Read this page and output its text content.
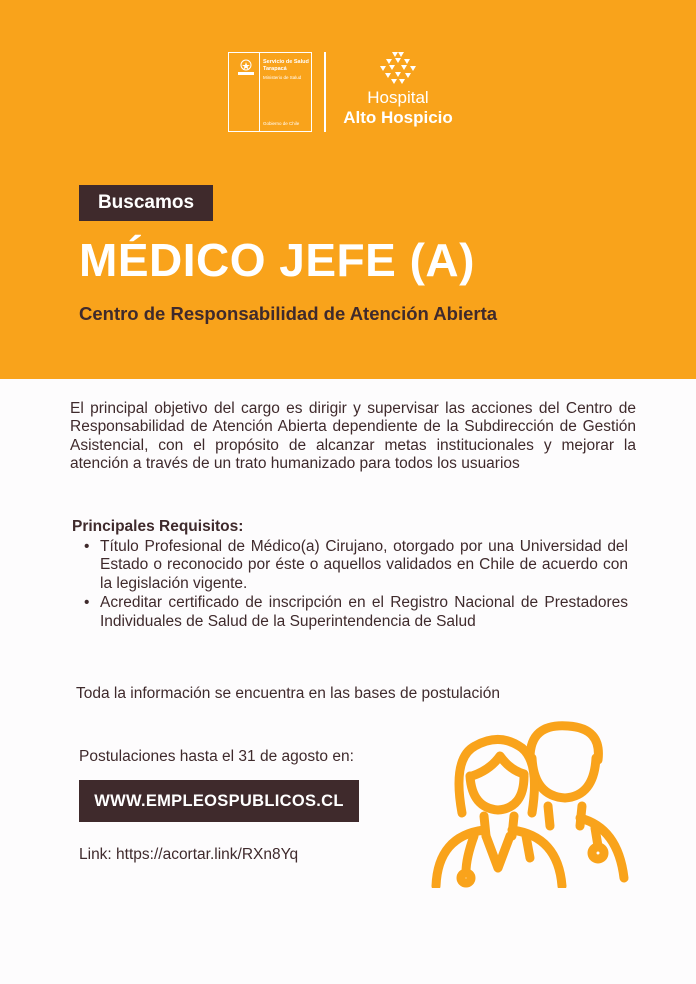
Servicio de Salud Tarapacá
Ministerio de Salud
Gobierno de Chile
Hospital
Alto Hospicio
Buscamos
MÉDICO JEFE (A)
Centro de Responsabilidad de Atención Abierta
El principal objetivo del cargo es dirigir y supervisar las acciones del Centro de Responsabilidad de Atención Abierta dependiente de la Subdirección de Gestión Asistencial, con el propósito de alcanzar metas institucionales y mejorar la atención a través de un trato humanizado para todos los usuarios
Principales Requisitos:
• Título Profesional de Médico(a) Cirujano, otorgado por una Universidad del Estado o reconocido por éste o aquellos validados en Chile de acuerdo con la legislación vigente.
• Acreditar certificado de inscripción en el Registro Nacional de Prestadores Individuales de Salud de la Superintendencia de Salud
Toda la información se encuentra en las bases de postulación
Postulaciones hasta el 31 de agosto en:
WWW.EMPLEOSPUBLICOS.CL
Link: https://acortar.link/RXn8Yq
